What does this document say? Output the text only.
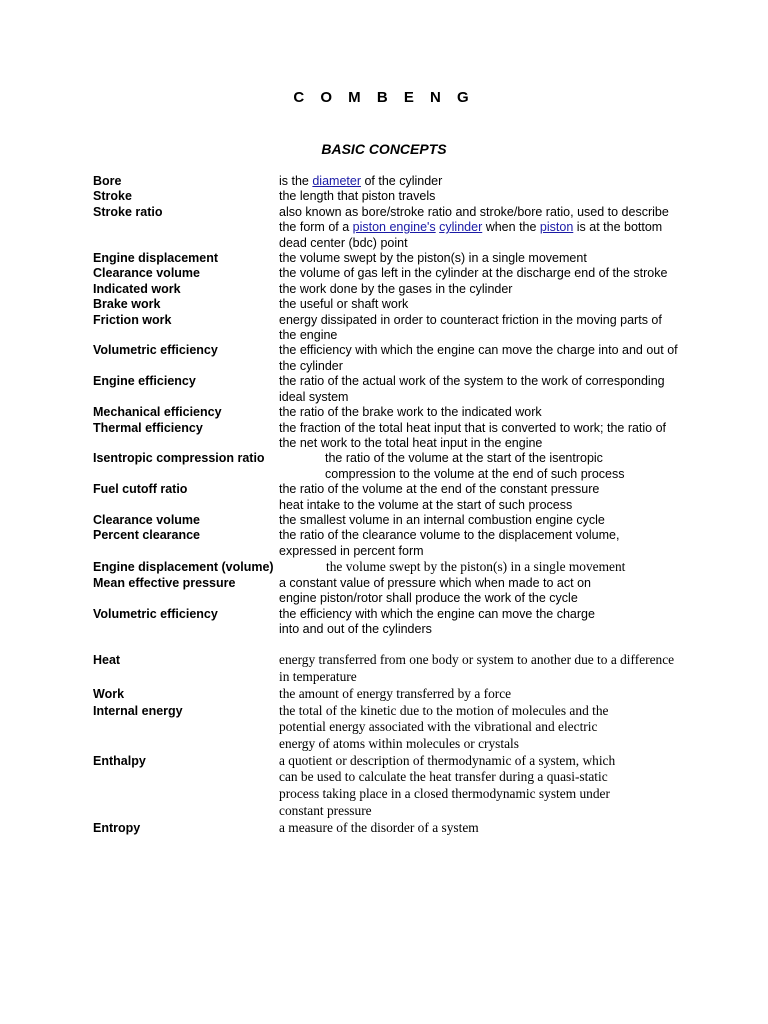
C O M B E N G
BASIC CONCEPTS
Bore	is the diameter of the cylinder
Stroke	the length that piston travels
Stroke ratio	also known as bore/stroke ratio and stroke/bore ratio, used to describe the form of a piston engine's cylinder when the piston is at the bottom dead center (bdc) point
Engine displacement	the volume swept by the piston(s) in a single movement
Clearance volume	the volume of gas left in the cylinder at the discharge end of the stroke
Indicated work	the work done by the gases in the cylinder
Brake work	the useful or shaft work
Friction work	energy dissipated in order to counteract friction in the moving parts of the engine
Volumetric efficiency	the efficiency with which the engine can move the charge into and out of the cylinder
Engine efficiency	the ratio of the actual work of the system to the work of corresponding ideal system
Mechanical efficiency	the ratio of the brake work to the indicated work
Thermal efficiency	the fraction of the total heat input that is converted to work; the ratio of the net work to the total heat input in the engine
Isentropic compression ratio	the ratio of the volume at the start of the isentropic compression to the volume at the end of such process
Fuel cutoff ratio	the ratio of the volume at the end of the constant pressure heat intake to the volume at the start of such process
Clearance volume	the smallest volume in an internal combustion engine cycle
Percent clearance	the ratio of the clearance volume to the displacement volume, expressed in percent form
Engine displacement (volume)	the volume swept by the piston(s) in a single movement
Mean effective pressure	a constant value of pressure which when made to act on engine piston/rotor shall produce the work of the cycle
Volumetric efficiency	the efficiency with which the engine can move the charge into and out of the cylinders
Heat	energy transferred from one body or system to another due to a difference in temperature
Work	the amount of energy transferred by a force
Internal energy	the total of the kinetic due to the motion of molecules and the potential energy associated with the vibrational and electric energy of atoms within molecules or crystals
Enthalpy	a quotient or description of thermodynamic of a system, which can be used to calculate the heat transfer during a quasi-static process taking place in a closed thermodynamic system under constant pressure
Entropy	a measure of the disorder of a system
